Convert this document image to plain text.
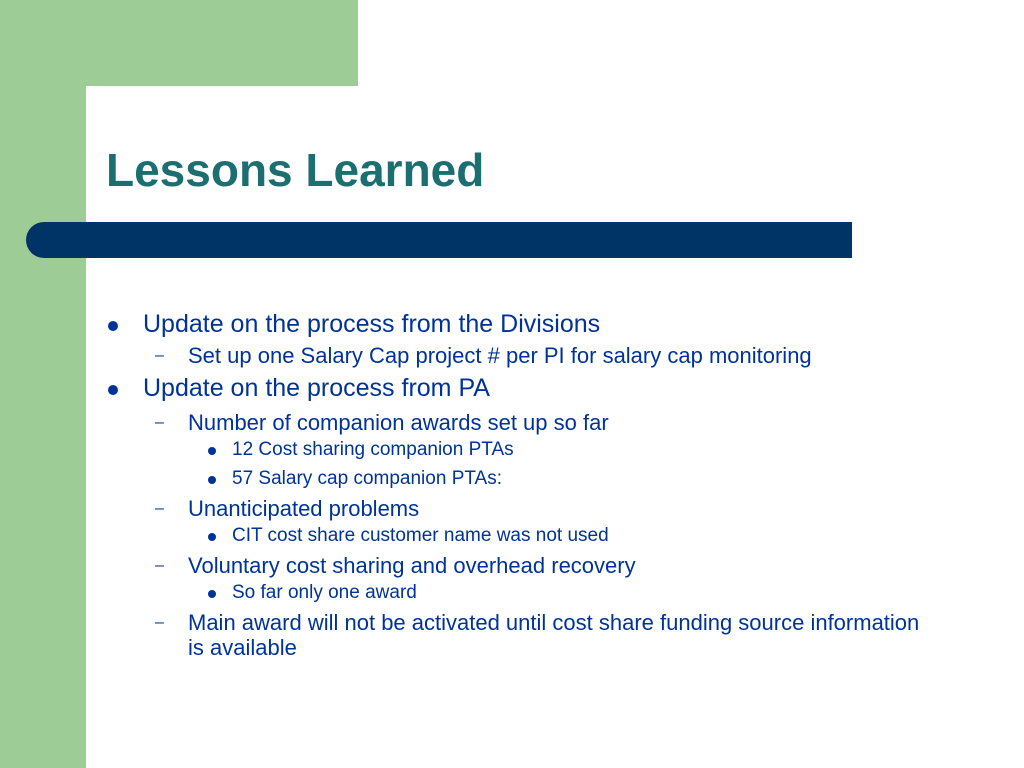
Lessons Learned
Update on the process from the Divisions
– Set up one Salary Cap project # per PI for salary cap monitoring
Update on the process from PA
– Number of companion awards set up so far
12 Cost sharing companion PTAs
57 Salary cap companion PTAs:
– Unanticipated problems
CIT cost share customer name was not used
– Voluntary cost sharing and overhead recovery
So far only one award
– Main award will not be activated until cost share funding source information is available
